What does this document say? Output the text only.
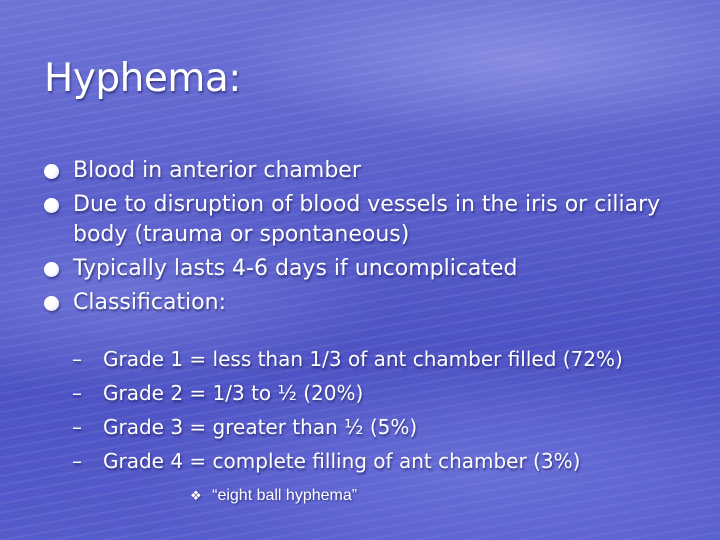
Hyphema:
Blood in anterior chamber
Due to disruption of blood vessels in the iris or ciliary body (trauma or spontaneous)
Typically lasts 4-6 days if uncomplicated
Classification:
– Grade 1 = less than 1/3 of ant chamber filled (72%)
– Grade 2 = 1/3 to ½ (20%)
– Grade 3 = greater than ½ (5%)
– Grade 4 = complete filling of ant chamber (3%)
❖ “eight ball hyphema”
